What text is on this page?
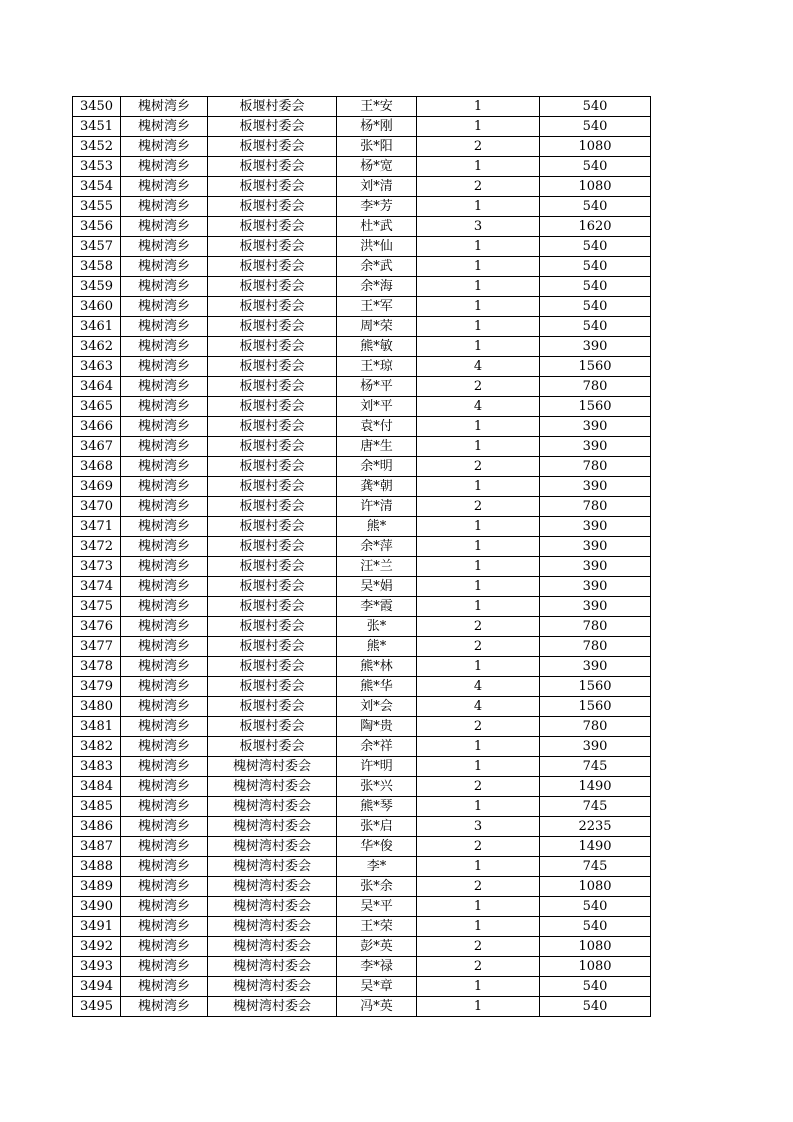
3450	槐树湾乡	板堰村委会	王*安	1	540
3451	槐树湾乡	板堰村委会	杨*刚	1	540
3452	槐树湾乡	板堰村委会	张*阳	2	1080
3453	槐树湾乡	板堰村委会	杨*宽	1	540
3454	槐树湾乡	板堰村委会	刘*清	2	1080
3455	槐树湾乡	板堰村委会	李*芳	1	540
3456	槐树湾乡	板堰村委会	杜*武	3	1620
3457	槐树湾乡	板堰村委会	洪*仙	1	540
3458	槐树湾乡	板堰村委会	余*武	1	540
3459	槐树湾乡	板堰村委会	余*海	1	540
3460	槐树湾乡	板堰村委会	王*军	1	540
3461	槐树湾乡	板堰村委会	周*荣	1	540
3462	槐树湾乡	板堰村委会	熊*敏	1	390
3463	槐树湾乡	板堰村委会	王*琼	4	1560
3464	槐树湾乡	板堰村委会	杨*平	2	780
3465	槐树湾乡	板堰村委会	刘*平	4	1560
3466	槐树湾乡	板堰村委会	袁*付	1	390
3467	槐树湾乡	板堰村委会	唐*生	1	390
3468	槐树湾乡	板堰村委会	余*明	2	780
3469	槐树湾乡	板堰村委会	龚*朝	1	390
3470	槐树湾乡	板堰村委会	许*清	2	780
3471	槐树湾乡	板堰村委会	熊*	1	390
3472	槐树湾乡	板堰村委会	余*萍	1	390
3473	槐树湾乡	板堰村委会	汪*兰	1	390
3474	槐树湾乡	板堰村委会	吴*娟	1	390
3475	槐树湾乡	板堰村委会	李*霞	1	390
3476	槐树湾乡	板堰村委会	张*	2	780
3477	槐树湾乡	板堰村委会	熊*	2	780
3478	槐树湾乡	板堰村委会	熊*林	1	390
3479	槐树湾乡	板堰村委会	熊*华	4	1560
3480	槐树湾乡	板堰村委会	刘*会	4	1560
3481	槐树湾乡	板堰村委会	陶*贵	2	780
3482	槐树湾乡	板堰村委会	余*祥	1	390
3483	槐树湾乡	槐树湾村委会	许*明	1	745
3484	槐树湾乡	槐树湾村委会	张*兴	2	1490
3485	槐树湾乡	槐树湾村委会	熊*琴	1	745
3486	槐树湾乡	槐树湾村委会	张*启	3	2235
3487	槐树湾乡	槐树湾村委会	华*俊	2	1490
3488	槐树湾乡	槐树湾村委会	李*	1	745
3489	槐树湾乡	槐树湾村委会	张*余	2	1080
3490	槐树湾乡	槐树湾村委会	吴*平	1	540
3491	槐树湾乡	槐树湾村委会	王*荣	1	540
3492	槐树湾乡	槐树湾村委会	彭*英	2	1080
3493	槐树湾乡	槐树湾村委会	李*禄	2	1080
3494	槐树湾乡	槐树湾村委会	吴*章	1	540
3495	槐树湾乡	槐树湾村委会	冯*英	1	540
